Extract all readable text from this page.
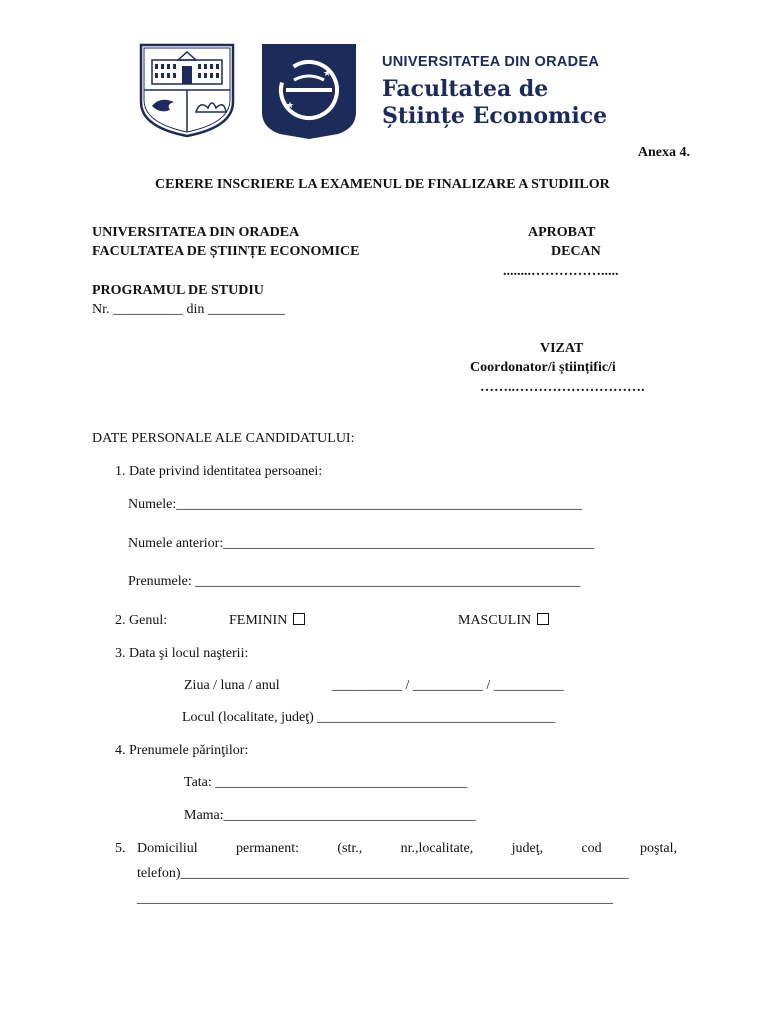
★
★
UNIVERSITATEA DIN ORADEA
Facultatea de
Științe Economice
Anexa 4.
CERERE INSCRIERE LA EXAMENUL DE FINALIZARE A STUDIILOR
UNIVERSITATEA DIN ORADEA
FACULTATEA DE ȘTIINȚE ECONOMICE
PROGRAMUL DE STUDIU
Nr. __________ din ___________
APROBAT
DECAN
........…………….....
VIZAT
Coordonator/i științific/i
……..……………………….
DATE PERSONALE ALE CANDIDATULUI:
1. Date privind identitatea persoanei:
Numele:__________________________________________________________
Numele anterior:_____________________________________________________
Prenumele: _______________________________________________________
2. Genul:	FEMININ	MASCULIN
3. Data şi locul naşterii:
Ziua / luna / anul	__________ / __________ / __________
Locul (localitate, judeţ) __________________________________
4. Prenumele părinţilor:
Tata: ____________________________________
Mama:____________________________________
5. Domiciliul	permanent:	(str.,	nr.,localitate,	judeţ,	cod	poştal,
telefon)________________________________________________________________
____________________________________________________________________
